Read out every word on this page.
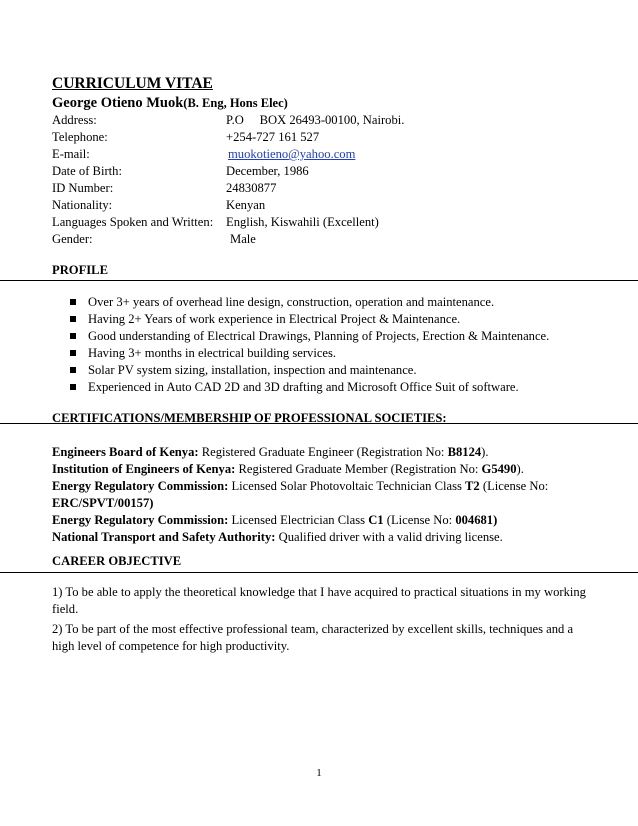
CURRICULUM VITAE
George Otieno Muok(B. Eng, Hons Elec)
Address:	P.O     BOX 26493-00100, Nairobi.
Telephone:	+254-727 161 527
E-mail:	muokotieno@yahoo.com
Date of Birth:	December, 1986
ID Number:	24830877
Nationality:	Kenyan
Languages Spoken and Written: English, Kiswahili (Excellent)
Gender:	Male
PROFILE
Over 3+ years of overhead line design, construction, operation and maintenance.
Having 2+ Years of work experience in Electrical Project & Maintenance.
Good understanding of Electrical Drawings, Planning of Projects, Erection & Maintenance.
Having 3+ months in electrical building services.
Solar PV system sizing, installation, inspection and maintenance.
Experienced in Auto CAD 2D and 3D drafting and Microsoft Office Suit of software.
CERTIFICATIONS/MEMBERSHIP OF PROFESSIONAL SOCIETIES:
Engineers Board of Kenya: Registered Graduate Engineer (Registration No: B8124).
Institution of Engineers of Kenya: Registered Graduate Member (Registration No: G5490).
Energy Regulatory Commission: Licensed Solar Photovoltaic Technician Class T2 (License No:
ERC/SPVT/00157)
Energy Regulatory Commission: Licensed Electrician Class C1 (License No: 004681)
National Transport and Safety Authority: Qualified driver with a valid driving license.
CAREER OBJECTIVE

1) To be able to apply the theoretical knowledge that I have acquired to practical situations in my working
field.

2) To be part of the most effective professional team, characterized by excellent skills, techniques and a
high level of competence for high productivity.

1
